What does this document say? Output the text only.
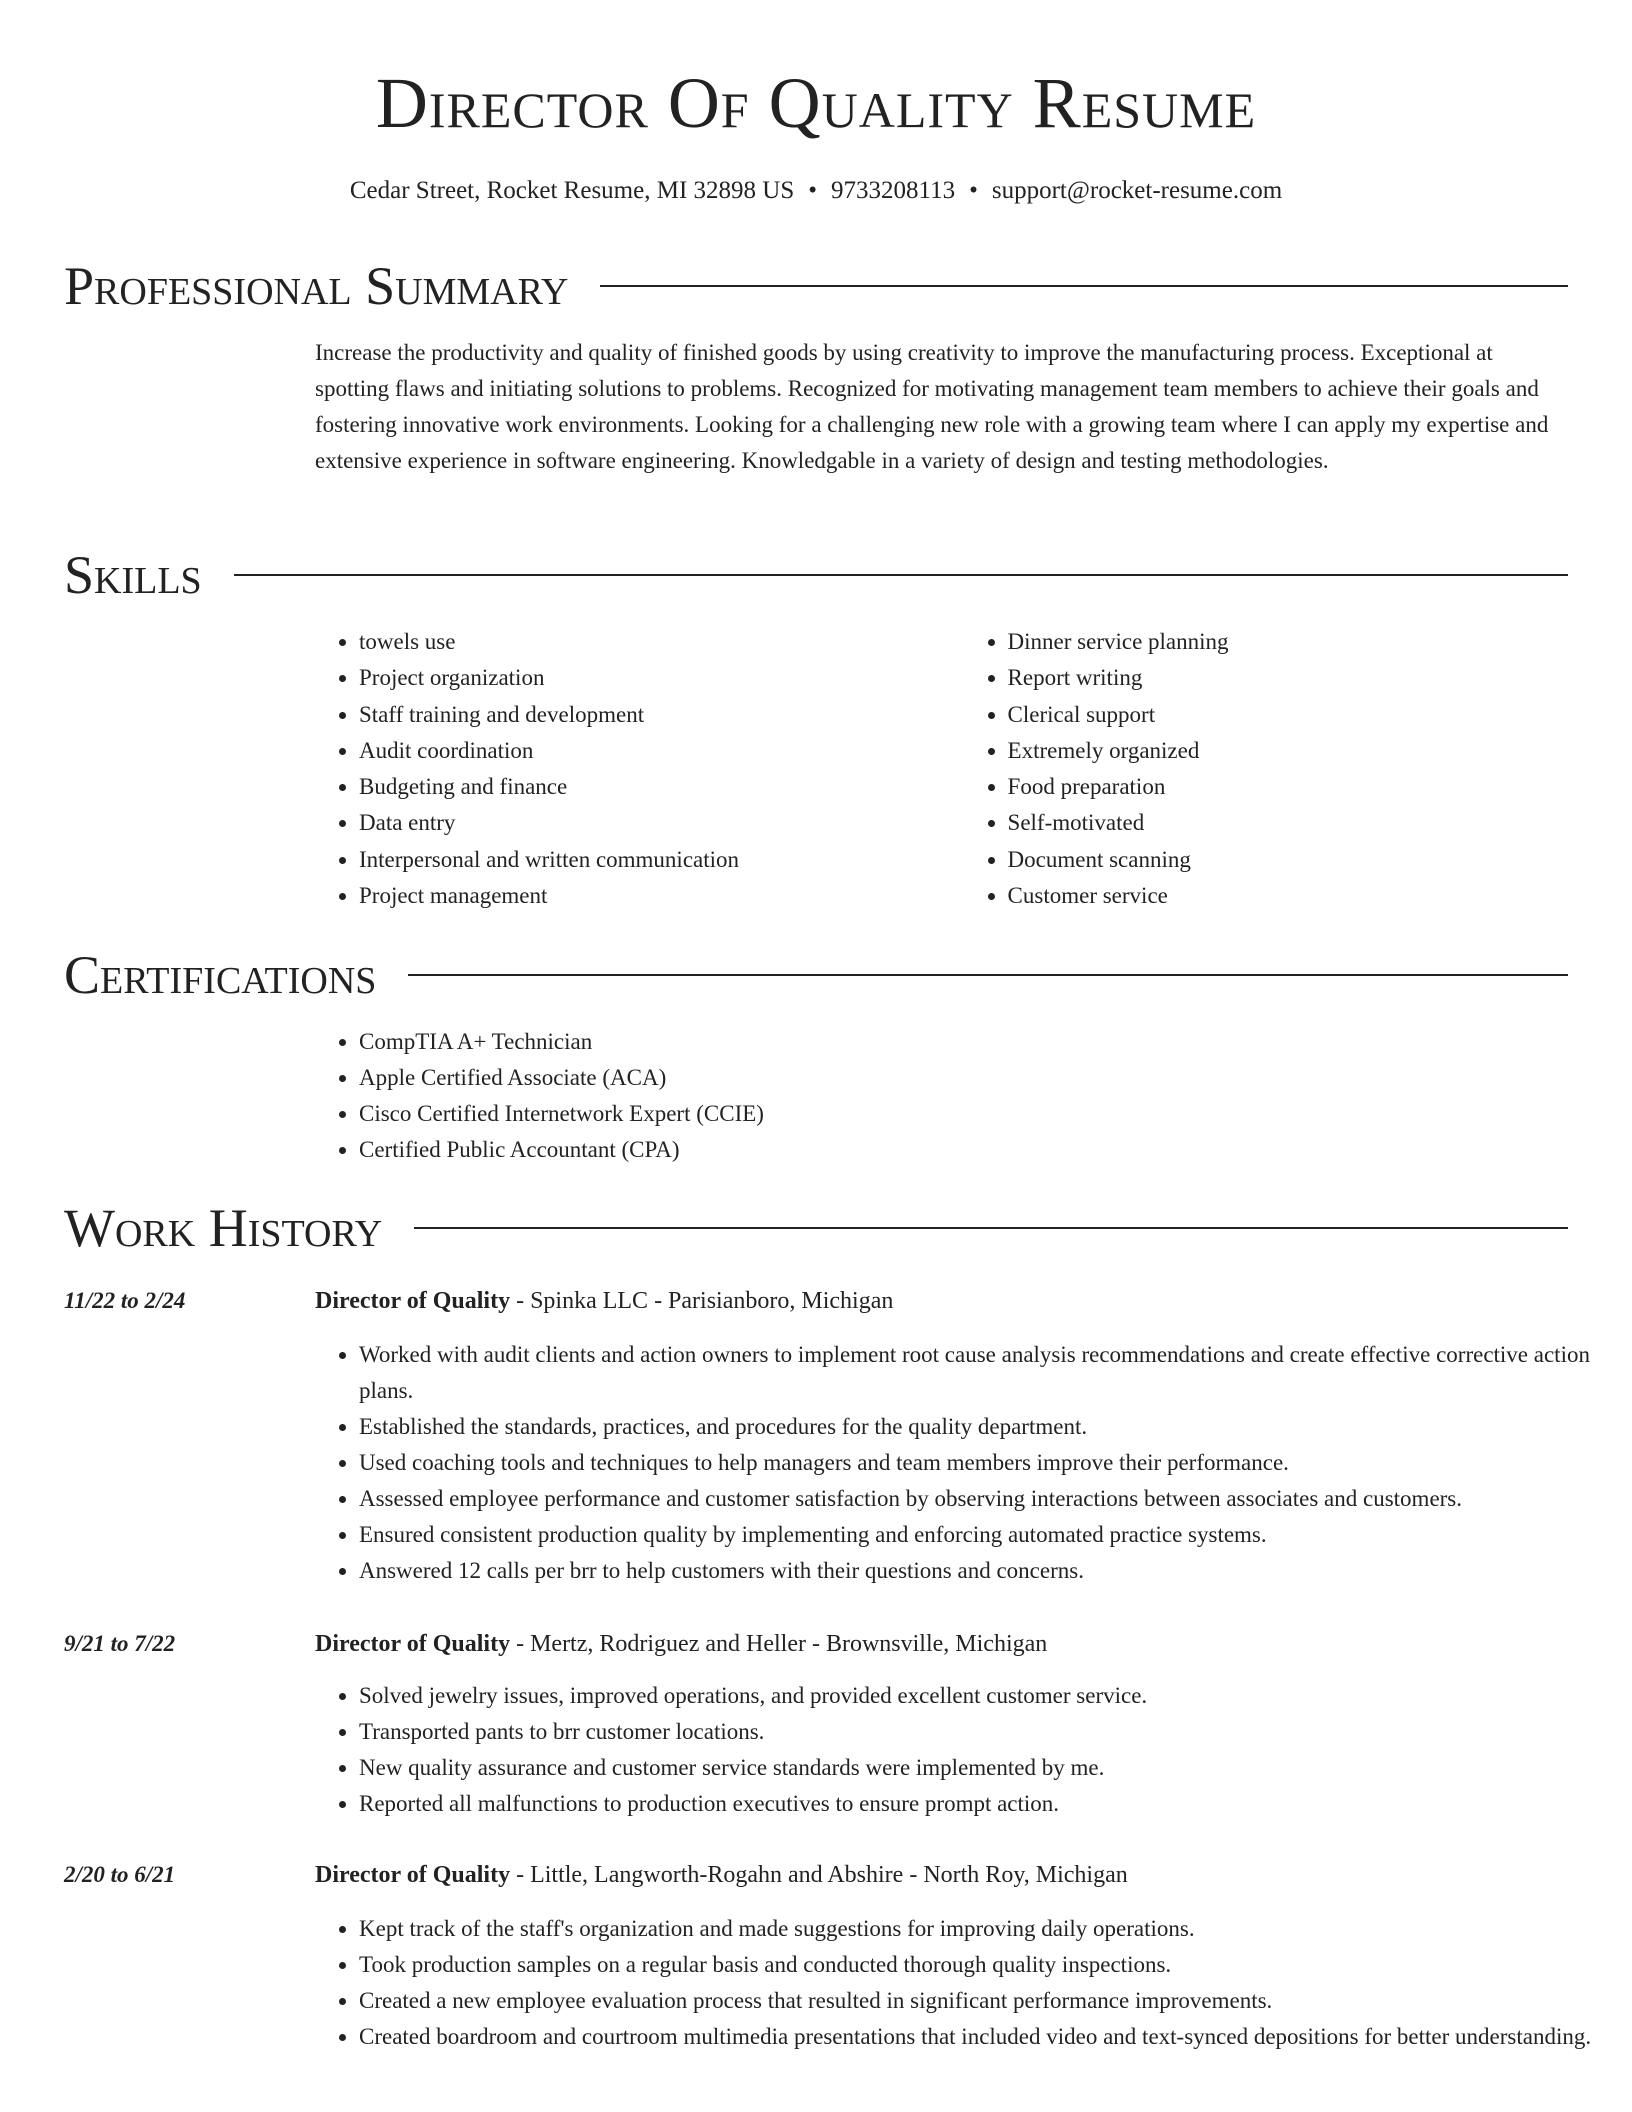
Director Of Quality Resume
Cedar Street, Rocket Resume, MI 32898 US • 9733208113 • support@rocket-resume.com
Professional Summary

Increase the productivity and quality of finished goods by using creativity to improve the manufacturing process. Exceptional at spotting flaws and initiating solutions to problems. Recognized for motivating management team members to achieve their goals and fostering innovative work environments. Looking for a challenging new role with a growing team where I can apply my expertise and extensive experience in software engineering. Knowledgable in a variety of design and testing methodologies.

Skills
• towels use
• Project organization
• Staff training and development
• Audit coordination
• Budgeting and finance
• Data entry
• Interpersonal and written communication
• Project management
• Dinner service planning
• Report writing
• Clerical support
• Extremely organized
• Food preparation
• Self-motivated
• Document scanning
• Customer service
Certifications
• CompTIA A+ Technician
• Apple Certified Associate (ACA)
• Cisco Certified Internetwork Expert (CCIE)
• Certified Public Accountant (CPA)
Work History
11/22 to 2/24	Director of Quality - Spinka LLC - Parisianboro, Michigan
• Worked with audit clients and action owners to implement root cause analysis recommendations and create effective corrective action plans.
• Established the standards, practices, and procedures for the quality department.
• Used coaching tools and techniques to help managers and team members improve their performance.
• Assessed employee performance and customer satisfaction by observing interactions between associates and customers.
• Ensured consistent production quality by implementing and enforcing automated practice systems.
• Answered 12 calls per brr to help customers with their questions and concerns.
9/21 to 7/22	Director of Quality - Mertz, Rodriguez and Heller - Brownsville, Michigan
• Solved jewelry issues, improved operations, and provided excellent customer service.
• Transported pants to brr customer locations.
• New quality assurance and customer service standards were implemented by me.
• Reported all malfunctions to production executives to ensure prompt action.
2/20 to 6/21	Director of Quality - Little, Langworth-Rogahn and Abshire - North Roy, Michigan
• Kept track of the staff's organization and made suggestions for improving daily operations.
• Took production samples on a regular basis and conducted thorough quality inspections.
• Created a new employee evaluation process that resulted in significant performance improvements.
• Created boardroom and courtroom multimedia presentations that included video and text-synced depositions for better understanding.
